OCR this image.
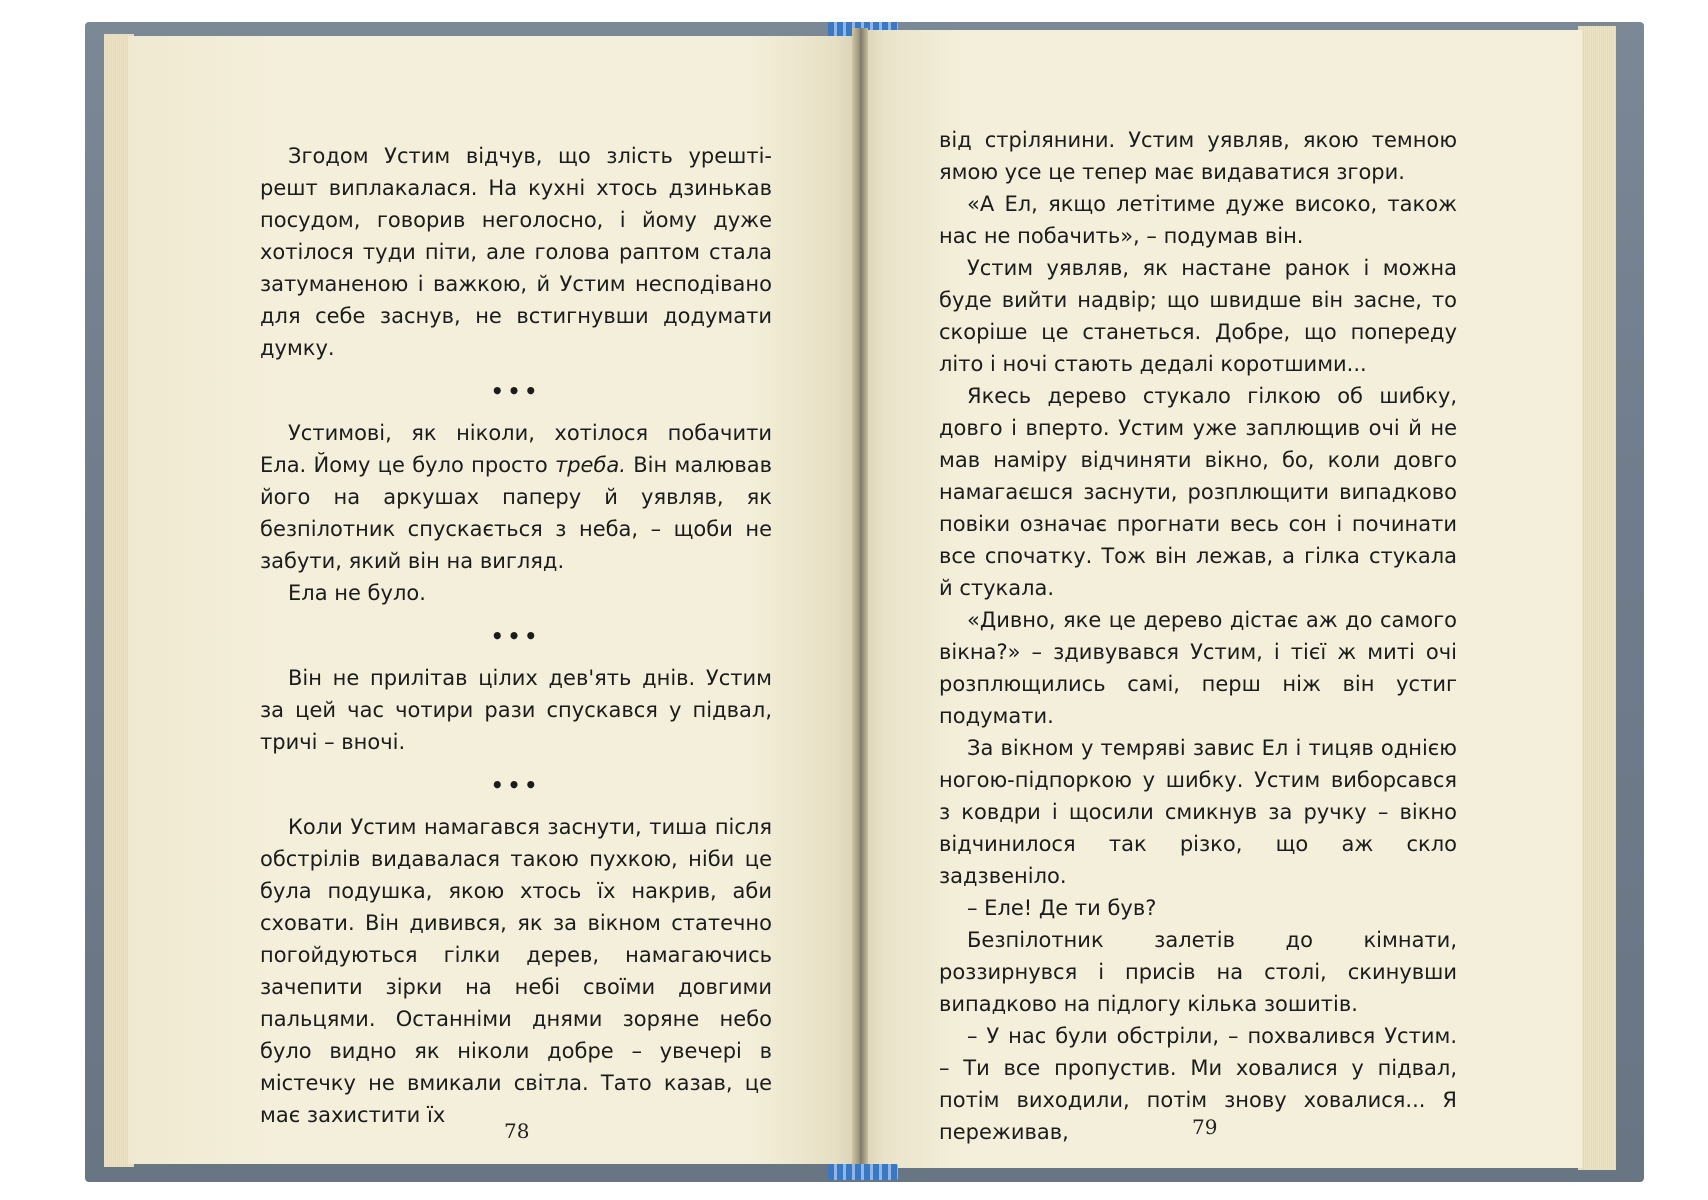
Згодом Устим відчув, що злість урешті-решт виплакалася. На кухні хтось дзинькав посудом, говорив неголосно, і йому дуже хотілося туди піти, але голова раптом стала затуманеною і важкою, й Устим несподівано для себе заснув, не встигнувши додумати думку.

•••

Устимові, як ніколи, хотілося побачити Ела. Йому це було просто треба. Він малював його на аркушах паперу й уявляв, як безпілотник спускається з неба, – щоби не забути, який він на вигляд.

Ела не було.

•••

Він не прилітав цілих дев'ять днів. Устим за цей час чотири рази спускався у підвал, тричі – вночі.

•••

Коли Устим намагався заснути, тиша після обстрілів видавалася такою пухкою, ніби це була подушка, якою хтось їх накрив, аби сховати. Він дивився, як за вікном статечно погойдуються гілки дерев, намагаючись зачепити зірки на небі своїми довгими пальцями. Останніми днями зоряне небо було видно як ніколи добре – увечері в містечку не вмикали світла. Тато казав, це має захистити їх

78

від стрілянини. Устим уявляв, якою темною ямою усе це тепер має видаватися згори.

«А Ел, якщо летітиме дуже високо, також нас не побачить», – подумав він.

Устим уявляв, як настане ранок і можна буде вийти надвір; що швидше він засне, то скоріше це станеться. Добре, що попереду літо і ночі стають дедалі коротшими...

Якесь дерево стукало гілкою об шибку, довго і вперто. Устим уже заплющив очі й не мав наміру відчиняти вікно, бо, коли довго намагаєшся заснути, розплющити випадково повіки означає прогнати весь сон і починати все спочатку. Тож він лежав, а гілка стукала й стукала.

«Дивно, яке це дерево дістає аж до самого вікна?» – здивувався Устим, і тієї ж миті очі розплющились самі, перш ніж він устиг подумати.

За вікном у темряві завис Ел і тицяв однією ногою-підпоркою у шибку. Устим виборсався з ковдри і щосили смикнув за ручку – вікно відчинилося так різко, що аж скло задзвеніло.

– Еле! Де ти був?

Безпілотник залетів до кімнати, роззирнувся і присів на столі, скинувши випадково на підлогу кілька зошитів.

– У нас були обстріли, – похвалився Устим. – Ти все пропустив. Ми ховалися у підвал, потім виходили, потім знову ховалися... Я переживав,	79
